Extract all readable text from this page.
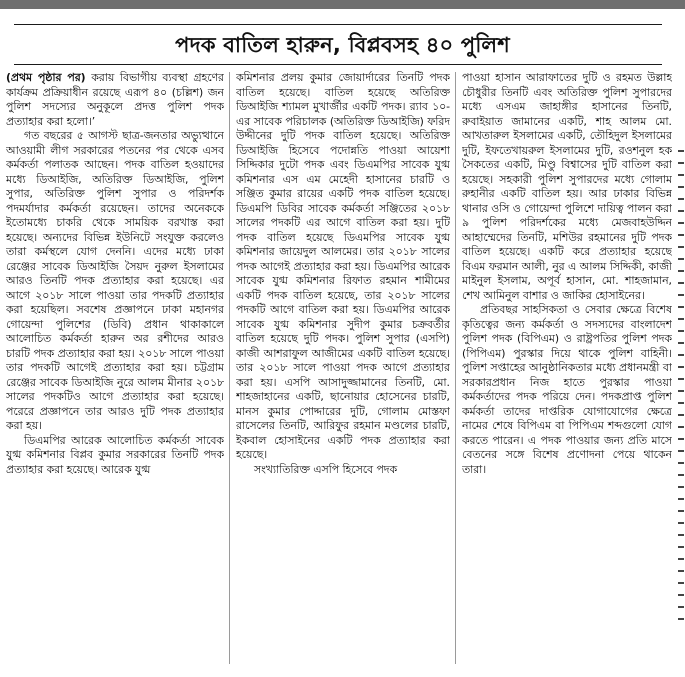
পদক বাতিল হারুন, বিপ্লবসহ ৪০ পুলিশ

(প্রথম পৃষ্ঠার পর) করায় বিভাগীয় ব্যবস্থা গ্রহণের কার্যক্রম প্রক্রিয়াধীন রয়েছে এরূপ ৪০ (চল্লিশ) জন পুলিশ সদস্যের অনুকূলে প্রদত্ত পুলিশ পদক প্রত্যাহার করা হলো।’

গত বছরের ৫ আগস্ট ছাত্র-জনতার অভ্যুত্থানে আওয়ামী লীগ সরকারের পতনের পর থেকে এসব কর্মকর্তা পলাতক আছেন। পদক বাতিল হওয়াদের মধ্যে ডিআইজি, অতিরিক্ত ডিআইজি, পুলিশ সুপার, অতিরিক্ত পুলিশ সুপার ও পরিদর্শক পদমর্যাদার কর্মকর্তা রয়েছেন। তাদের অনেককে ইতোমধ্যে চাকরি থেকে সাময়িক বরখাস্ত করা হয়েছে। অন্যদের বিভিন্ন ইউনিটে সংযুক্ত করলেও তারা কর্মস্থলে যোগ দেননি। এদের মধ্যে ঢাকা রেঞ্জের সাবেক ডিআইজি সৈয়দ নুরুল ইসলামের আরও তিনটি পদক প্রত্যাহার করা হয়েছে। এর আগে ২০১৮ সালে পাওয়া তার পদকটি প্রত্যাহার করা হয়েছিল। সবশেষ প্রজ্ঞাপনে ঢাকা মহানগর গোয়েন্দা পুলিশের (ডিবি) প্রধান থাকাকালে আলোচিত কর্মকর্তা হারুন অর রশীদের আরও চারটি পদক প্রত্যাহার করা হয়। ২০১৮ সালে পাওয়া তার পদকটি আগেই প্রত্যাহার করা হয়। চট্টগ্রাম রেঞ্জের সাবেক ডিআইজি নুরে আলম মীনার ২০১৮ সালের পদকটিও আগে প্রত্যাহার করা হয়েছে। পরেরে প্রজ্ঞাপনে তার আরও দুটি পদক প্রত্যাহার করা হয়।

ডিএমপির আরেক আলোচিত কর্মকর্তা সাবেক যুগ্ম কমিশনার বিপ্লব কুমার সরকারের তিনটি পদক প্রত্যাহার করা হয়েছে। আরেক যুগ্ম

কমিশনার প্রলয় কুমার জোয়ার্দারের তিনটি পদক বাতিল হয়েছে। বাতিল হয়েছে অতিরিক্ত ডিআইজি শ্যামল মুখার্জীর একটি পদক। র‍্যাব ১০-এর সাবেক পরিচালক (অতিরিক্ত ডিআইজি) ফরিদ উদ্দীনের দুটি পদক বাতিল হয়েছে। অতিরিক্ত ডিআইজি হিসেবে পদোন্নতি পাওয়া আয়েশা সিদ্দিকার দুটো পদক এবং ডিএমপির সাবেক যুগ্ম কমিশনার এস এম মেহেদী হাসানের চারটি ও সঞ্জিত কুমার রায়ের একটি পদক বাতিল হয়েছে। ডিএমপি ডিবির সাবেক কর্মকর্তা সঞ্জিতের ২০১৮ সালের পদকটি এর আগে বাতিল করা হয়। দুটি পদক বাতিল হয়েছে ডিএমপির সাবেক যুগ্ম কমিশনার জায়েদুল আলমের। তার ২০১৮ সালের পদক আগেই প্রত্যাহার করা হয়। ডিএমপির আরেক সাবেক যুগ্ম কমিশনার রিফাত রহমান শামীমের একটি পদক বাতিল হয়েছে, তার ২০১৮ সালের পদকটি আগে বাতিল করা হয়। ডিএমপির আরেক সাবেক যুগ্ম কমিশনার সুদীপ কুমার চক্রবর্তীর বাতিল হয়েছে দুটি পদক। পুলিশ সুপার (এসপি) কাজী আশরাফুল আজীমের একটি বাতিল হয়েছে। তার ২০১৮ সালে পাওয়া পদক আগে প্রত্যাহার করা হয়। এসপি আসাদুজ্জামানের তিনটি, মো. শাহজাহানের একটি, ছানোয়ার হোসেনের চারটি, মানস কুমার পোদ্দারের দুটি, গোলাম মোস্তফা রাসেলের তিনটি, আরিফুর রহমান মণ্ডলের চারটি, ইকবাল হোসাইনের একটি পদক প্রত্যাহার করা হয়েছে।

সংখ্যাতিরিক্ত এসপি হিসেবে পদক

পাওয়া হাসান আরাফাতের দুটি ও রহমত উল্লাহ চৌধুরীর তিনটি এবং অতিরিক্ত পুলিশ সুপারদের মধ্যে এসএম জাহাঙ্গীর হাসানের তিনটি, রুবাইয়াত জামানের একটি, শাহ আলম মো. আখতারুল ইসলামের একটি, তৌহিদুল ইসলামের দুটি, ইফতেখায়রুল ইসলামের দুটি, রওশনুল হক সৈকতের একটি, মিণ্ডু বিশ্বাসের দুটি বাতিল করা হয়েছে। সহকারী পুলিশ সুপারদের মধ্যে গোলাম রুহানীর একটি বাতিল হয়। আর ঢাকার বিভিন্ন থানার ওসি ও গোয়েন্দা পুলিশে দায়িত্ব পালন করা ৯ পুলিশ পরিদর্শকের মধ্যে মেজবাহউদ্দিন আহাম্মেদের তিনটি, মশিউর রহমানের দুটি পদক বাতিল হয়েছে। একটি করে প্রত্যাহার হয়েছে বিএম ফরমান আলী, নুর এ আলম সিদ্দিকী, কাজী মাইনুল ইসলাম, অপূর্ব হাসান, মো. শাহজামান, শেখ আমিনুল বাশার ও জাকির হোসাইনের।

প্রতিবছর সাহসিকতা ও সেবার ক্ষেত্রে বিশেষ কৃতিত্বের জন্য কর্মকর্তা ও সদস্যদের বাংলাদেশ পুলিশ পদক (বিপিএম) ও রাষ্ট্রপতির পুলিশ পদক (পিপিএম) পুরস্কার দিয়ে থাকে পুলিশ বাহিনী। পুলিশ সপ্তাহের আনুষ্ঠানিকতার মধ্যে প্রধানমন্ত্রী বা সরকারপ্রধান নিজ হাতে পুরস্কার পাওয়া কর্মকর্তাদের পদক পরিয়ে দেন। পদকপ্রাপ্ত পুলিশ কর্মকর্তা তাদের দাপ্তরিক যোগাযোগের ক্ষেত্রে নামের শেষে বিপিএম বা পিপিএম শব্দগুলো যোগ করতে পারেন। এ পদক পাওয়ার জন্য প্রতি মাসে বেতনের সঙ্গে বিশেষ প্রণোদনা পেয়ে থাকেন তারা।
